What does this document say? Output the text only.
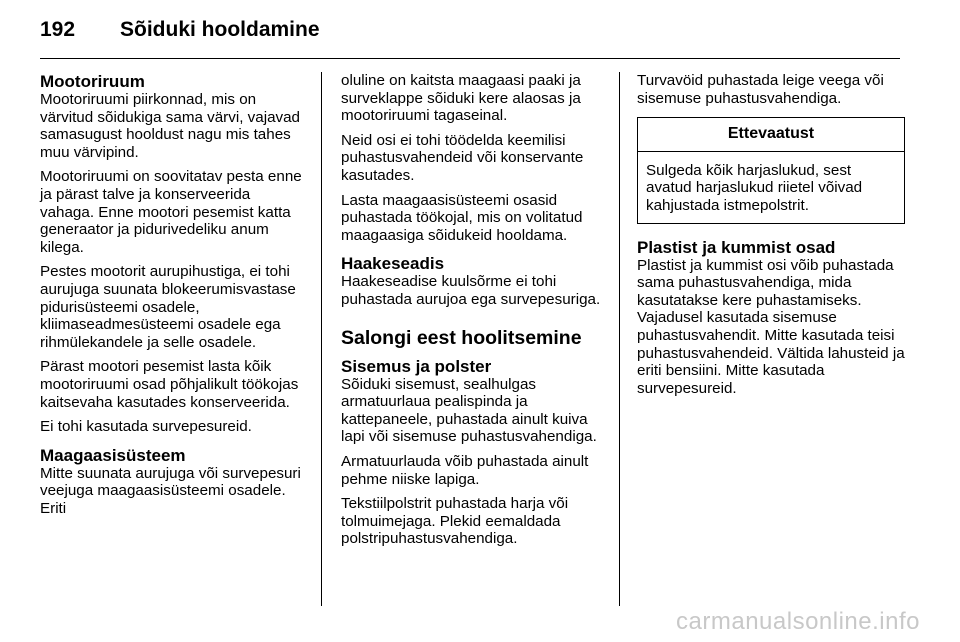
192	Sõiduki hooldamine
Mootoriruum

Mootoriruumi piirkonnad, mis on värvitud sõidukiga sama värvi, vajavad samasugust hooldust nagu mis tahes muu värvipind.

Mootoriruumi on soovitatav pesta enne ja pärast talve ja konserveerida vahaga. Enne mootori pesemist katta generaator ja pidurivedeliku anum kilega.

Pestes mootorit aurupihustiga, ei tohi aurujuga suunata blokeerumisvastase pidurisüsteemi osadele, kliimaseadmesüsteemi osadele ega rihmülekandele ja selle osadele.

Pärast mootori pesemist lasta kõik mootoriruumi osad põhjalikult töökojas kaitsevaha kasutades konserveerida.

Ei tohi kasutada survepesureid.

Maagaasisüsteem

Mitte suunata aurujuga või survepesuri veejuga maagaasisüsteemi osadele. Eriti

oluline on kaitsta maagaasi paaki ja surveklappe sõiduki kere alaosas ja mootoriruumi tagaseinal.

Neid osi ei tohi töödelda keemilisi puhastusvahendeid või konservante kasutades.

Lasta maagaasisüsteemi osasid puhastada töökojal, mis on volitatud maagaasiga sõidukeid hooldama.

Haakeseadis

Haakeseadise kuulsõrme ei tohi puhastada aurujoa ega survepesuriga.

Salongi eest hoolitsemine
Sisemus ja polster

Sõiduki sisemust, sealhulgas armatuurlaua pealispinda ja kattepaneele, puhastada ainult kuiva lapi või sisemuse puhastusvahendiga.

Armatuurlauda võib puhastada ainult pehme niiske lapiga.

Tekstiilpolstrit puhastada harja või tolmuimejaga. Plekid eemaldada polstripuhastusvahendiga.

Turvavöid puhastada leige veega või sisemuse puhastusvahendiga.

Ettevaatust
Sulgeda kõik harjaslukud, sest avatud harjaslukud riietel võivad kahjustada istmepolstrit.
Plastist ja kummist osad

Plastist ja kummist osi võib puhastada sama puhastusvahendiga, mida kasutatakse kere puhastamiseks. Vajadusel kasutada sisemuse puhastusvahendit. Mitte kasutada teisi puhastusvahendeid. Vältida lahusteid ja eriti bensiini. Mitte kasutada survepesureid.

carmanualsonline.info
